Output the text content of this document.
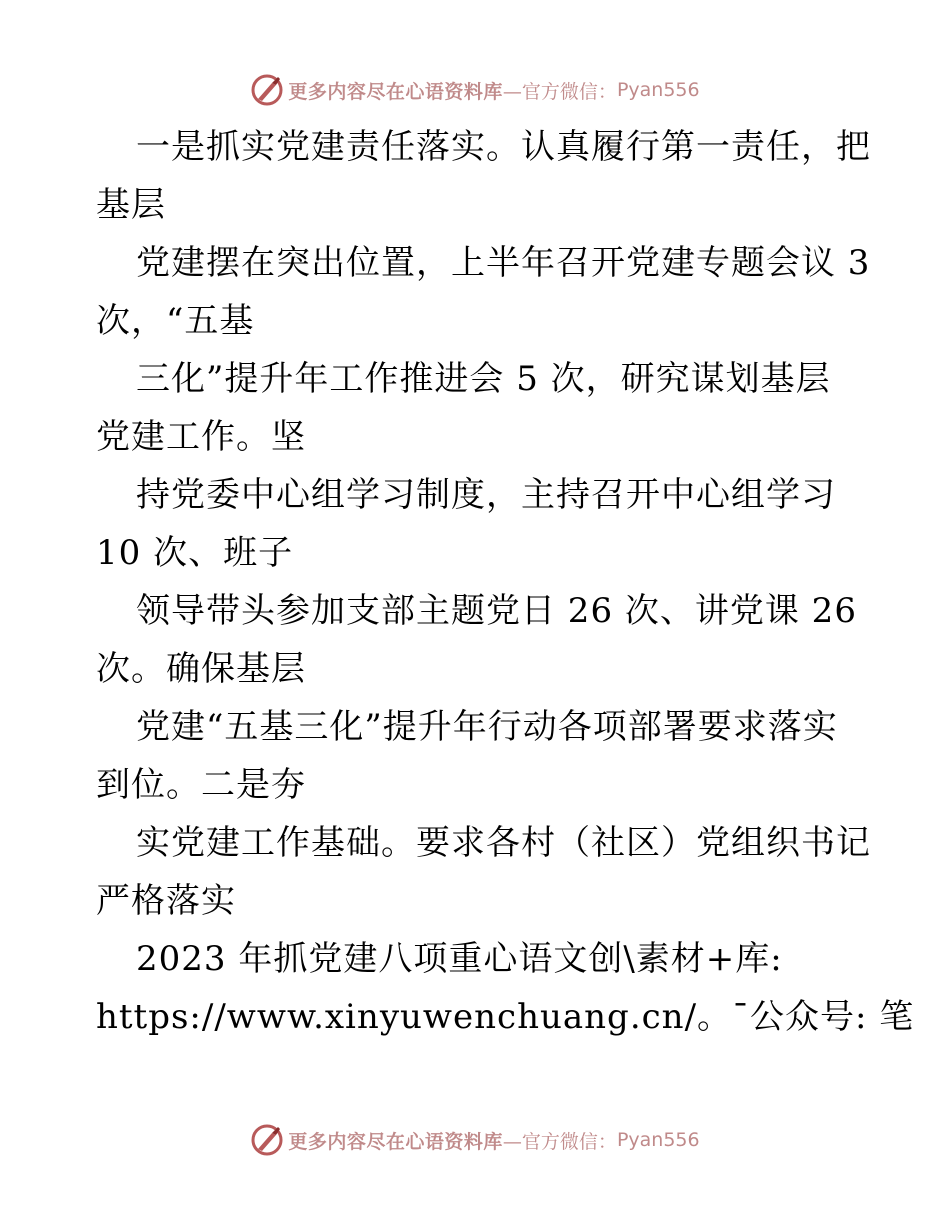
更多内容尽在心语资料库 —官方微信： Pyan556
一是抓实党建责任落实。认真履行第一责任，把
基层
党建摆在突出位置，上半年召开党建专题会议 3
次，“五基
三化”提升年工作推进会 5 次，研究谋划基层
党建工作。坚
持党委中心组学习制度，主持召开中心组学习
10 次、班子
领导带头参加支部主题党日 26 次、讲党课 26
次。确保基层
党建“五基三化”提升年行动各项部署要求落实
到位。二是夯
实党建工作基础。要求各村（社区）党组织书记
严格落实
2023 年抓党建八项重心语文创\素材+库:
https://www.xinyuwenchuang.cn/。¯公众号: 笔
更多内容尽在心语资料库 —官方微信： Pyan556
